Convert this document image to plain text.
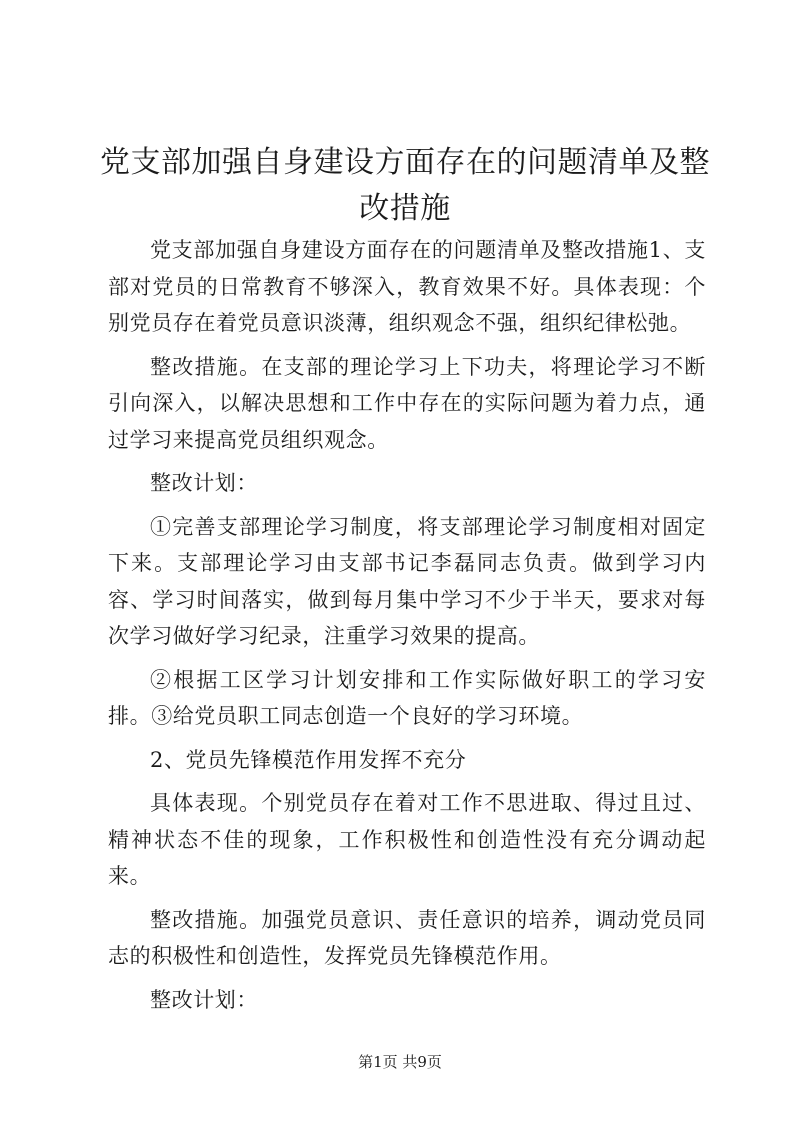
党支部加强自身建设方面存在的问题清单及整改措施

党支部加强自身建设方面存在的问题清单及整改措施1、支部对党员的日常教育不够深入，教育效果不好。具体表现：个别党员存在着党员意识淡薄，组织观念不强，组织纪律松弛。

整改措施。在支部的理论学习上下功夫，将理论学习不断引向深入，以解决思想和工作中存在的实际问题为着力点，通过学习来提高党员组织观念。

整改计划：

①完善支部理论学习制度，将支部理论学习制度相对固定下来。支部理论学习由支部书记李磊同志负责。做到学习内容、学习时间落实，做到每月集中学习不少于半天，要求对每次学习做好学习纪录，注重学习效果的提高。

②根据工区学习计划安排和工作实际做好职工的学习安排。③给党员职工同志创造一个良好的学习环境。

2、党员先锋模范作用发挥不充分

具体表现。个别党员存在着对工作不思进取、得过且过、精神状态不佳的现象，工作积极性和创造性没有充分调动起来。

整改措施。加强党员意识、责任意识的培养，调动党员同志的积极性和创造性，发挥党员先锋模范作用。

整改计划：

第1页 共9页
